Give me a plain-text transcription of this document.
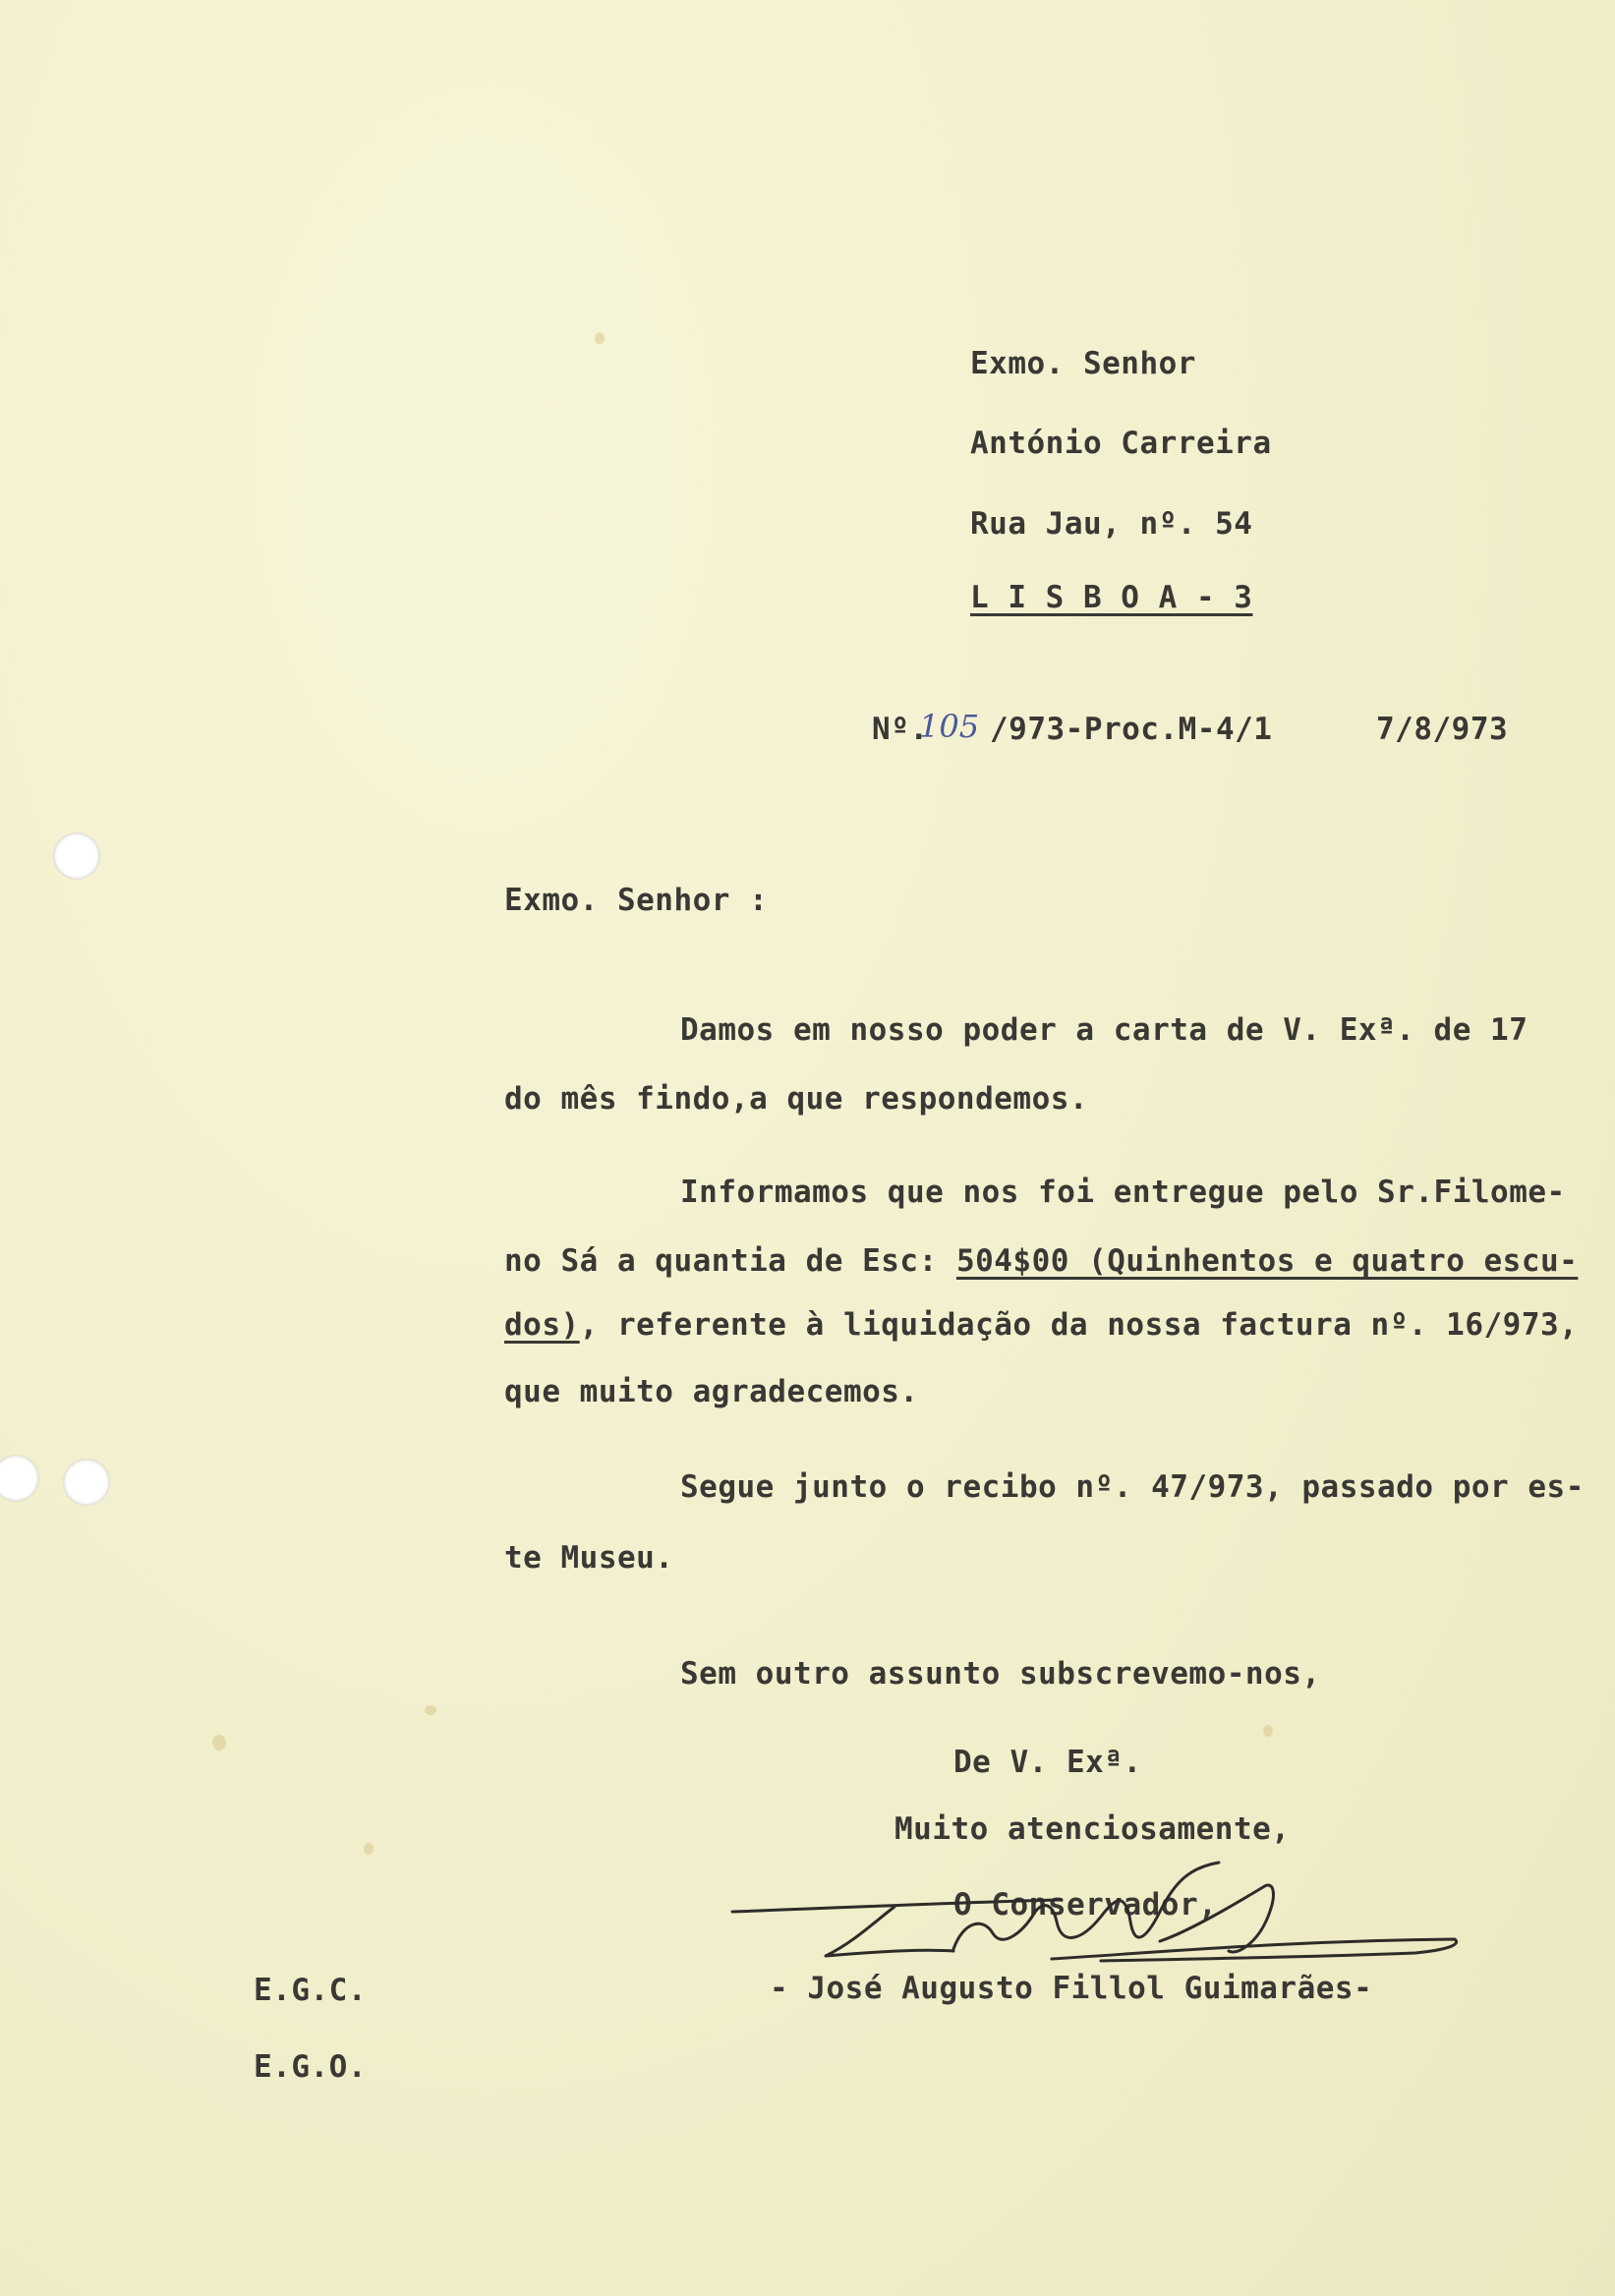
Exmo. Senhor
António Carreira
Rua Jau, nº. 54
L I S B O A - 3
Nº.
105 /973-Proc.M-4/1	7/8/973
Exmo. Senhor :
Damos em nosso poder a carta de V. Exª. de 17
do mês findo,a que respondemos.
Informamos que nos foi entregue pelo Sr.Filome-
no Sá a quantia de Esc: 504$00 (Quinhentos e quatro escu-
dos), referente à liquidação da nossa factura nº. 16/973,
que muito agradecemos.
Segue junto o recibo nº. 47/973, passado por es-
te Museu.
Sem outro assunto subscrevemo-nos,
De V. Exª.
Muito atenciosamente,
O Conservador,
- José Augusto Fillol Guimarães-
E.G.C.
E.G.O.
